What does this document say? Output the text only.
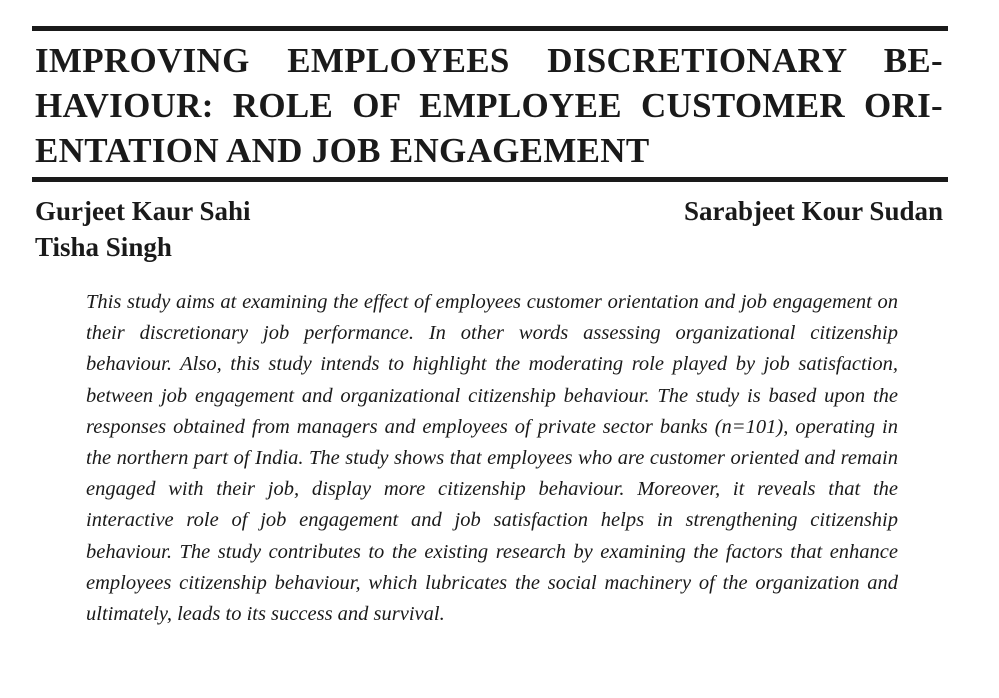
IMPROVING EMPLOYEES DISCRETIONARY BE-
HAVIOUR: ROLE OF EMPLOYEE CUSTOMER ORI-
ENTATION AND JOB ENGAGEMENT
Gurjeet Kaur Sahi
Tisha Singh
Sarabjeet Kour Sudan

This study aims at examining the effect of employees customer orientation and job engagement on their discretionary job performance. In other words assessing organizational citizenship behaviour. Also, this study intends to highlight the moderating role played by job satisfaction, between job engagement and organizational citizenship behaviour. The study is based upon the responses obtained from managers and employees of private sector banks (n=101), operating in the northern part of India. The study shows that employees who are customer oriented and remain engaged with their job, display more citizenship behaviour. Moreover, it reveals that the interactive role of job engagement and job satisfaction helps in strengthening citizenship behaviour. The study contributes to the existing research by examining the factors that enhance employees citizenship behaviour, which lubricates the social machinery of the organization and ultimately, leads to its success and survival.
